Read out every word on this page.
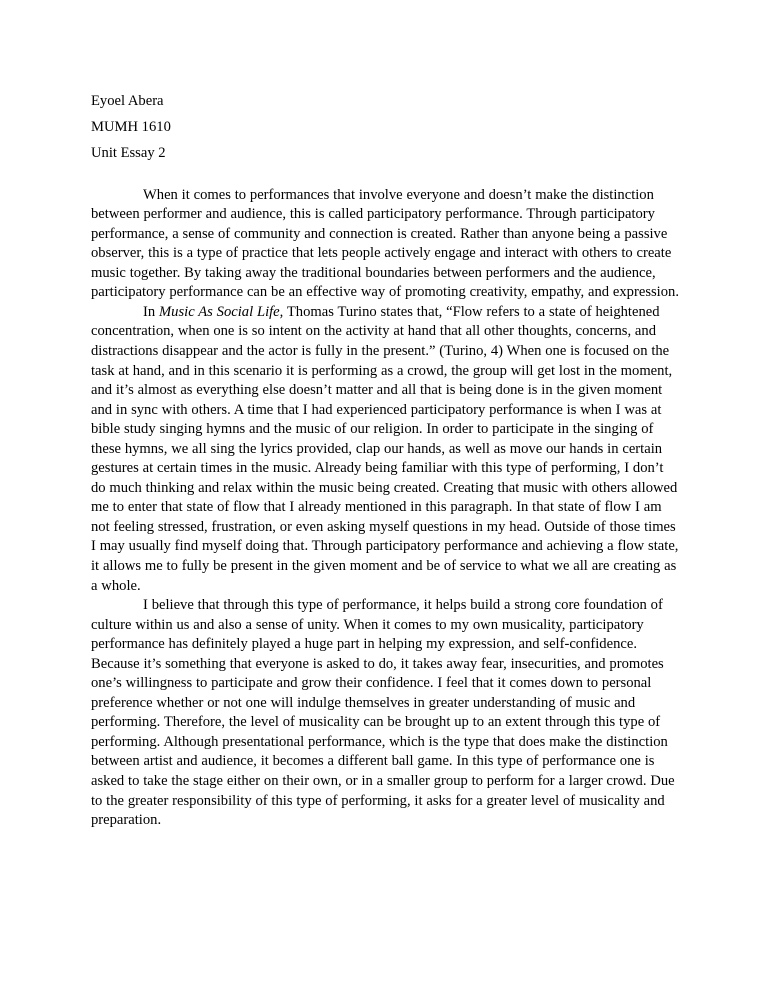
Eyoel Abera
MUMH 1610
Unit Essay 2

When it comes to performances that involve everyone and doesn’t make the distinction between performer and audience, this is called participatory performance. Through participatory performance, a sense of community and connection is created. Rather than anyone being a passive observer, this is a type of practice that lets people actively engage and interact with others to create music together. By taking away the traditional boundaries between performers and the audience, participatory performance can be an effective way of promoting creativity, empathy, and expression.

In Music As Social Life, Thomas Turino states that, “Flow refers to a state of heightened concentration, when one is so intent on the activity at hand that all other thoughts, concerns, and distractions disappear and the actor is fully in the present.” (Turino, 4) When one is focused on the task at hand, and in this scenario it is performing as a crowd, the group will get lost in the moment, and it’s almost as everything else doesn’t matter and all that is being done is in the given moment and in sync with others. A time that I had experienced participatory performance is when I was at bible study singing hymns and the music of our religion. In order to participate in the singing of these hymns, we all sing the lyrics provided, clap our hands, as well as move our hands in certain gestures at certain times in the music. Already being familiar with this type of performing, I don’t do much thinking and relax within the music being created. Creating that music with others allowed me to enter that state of flow that I already mentioned in this paragraph. In that state of flow I am not feeling stressed, frustration, or even asking myself questions in my head. Outside of those times I may usually find myself doing that. Through participatory performance and achieving a flow state, it allows me to fully be present in the given moment and be of service to what we all are creating as a whole.

I believe that through this type of performance, it helps build a strong core foundation of culture within us and also a sense of unity. When it comes to my own musicality, participatory performance has definitely played a huge part in helping my expression, and self-confidence. Because it’s something that everyone is asked to do, it takes away fear, insecurities, and promotes one’s willingness to participate and grow their confidence. I feel that it comes down to personal preference whether or not one will indulge themselves in greater understanding of music and performing. Therefore, the level of musicality can be brought up to an extent through this type of performing. Although presentational performance, which is the type that does make the distinction between artist and audience, it becomes a different ball game. In this type of performance one is asked to take the stage either on their own, or in a smaller group to perform for a larger crowd. Due to the greater responsibility of this type of performing, it asks for a greater level of musicality and preparation.
